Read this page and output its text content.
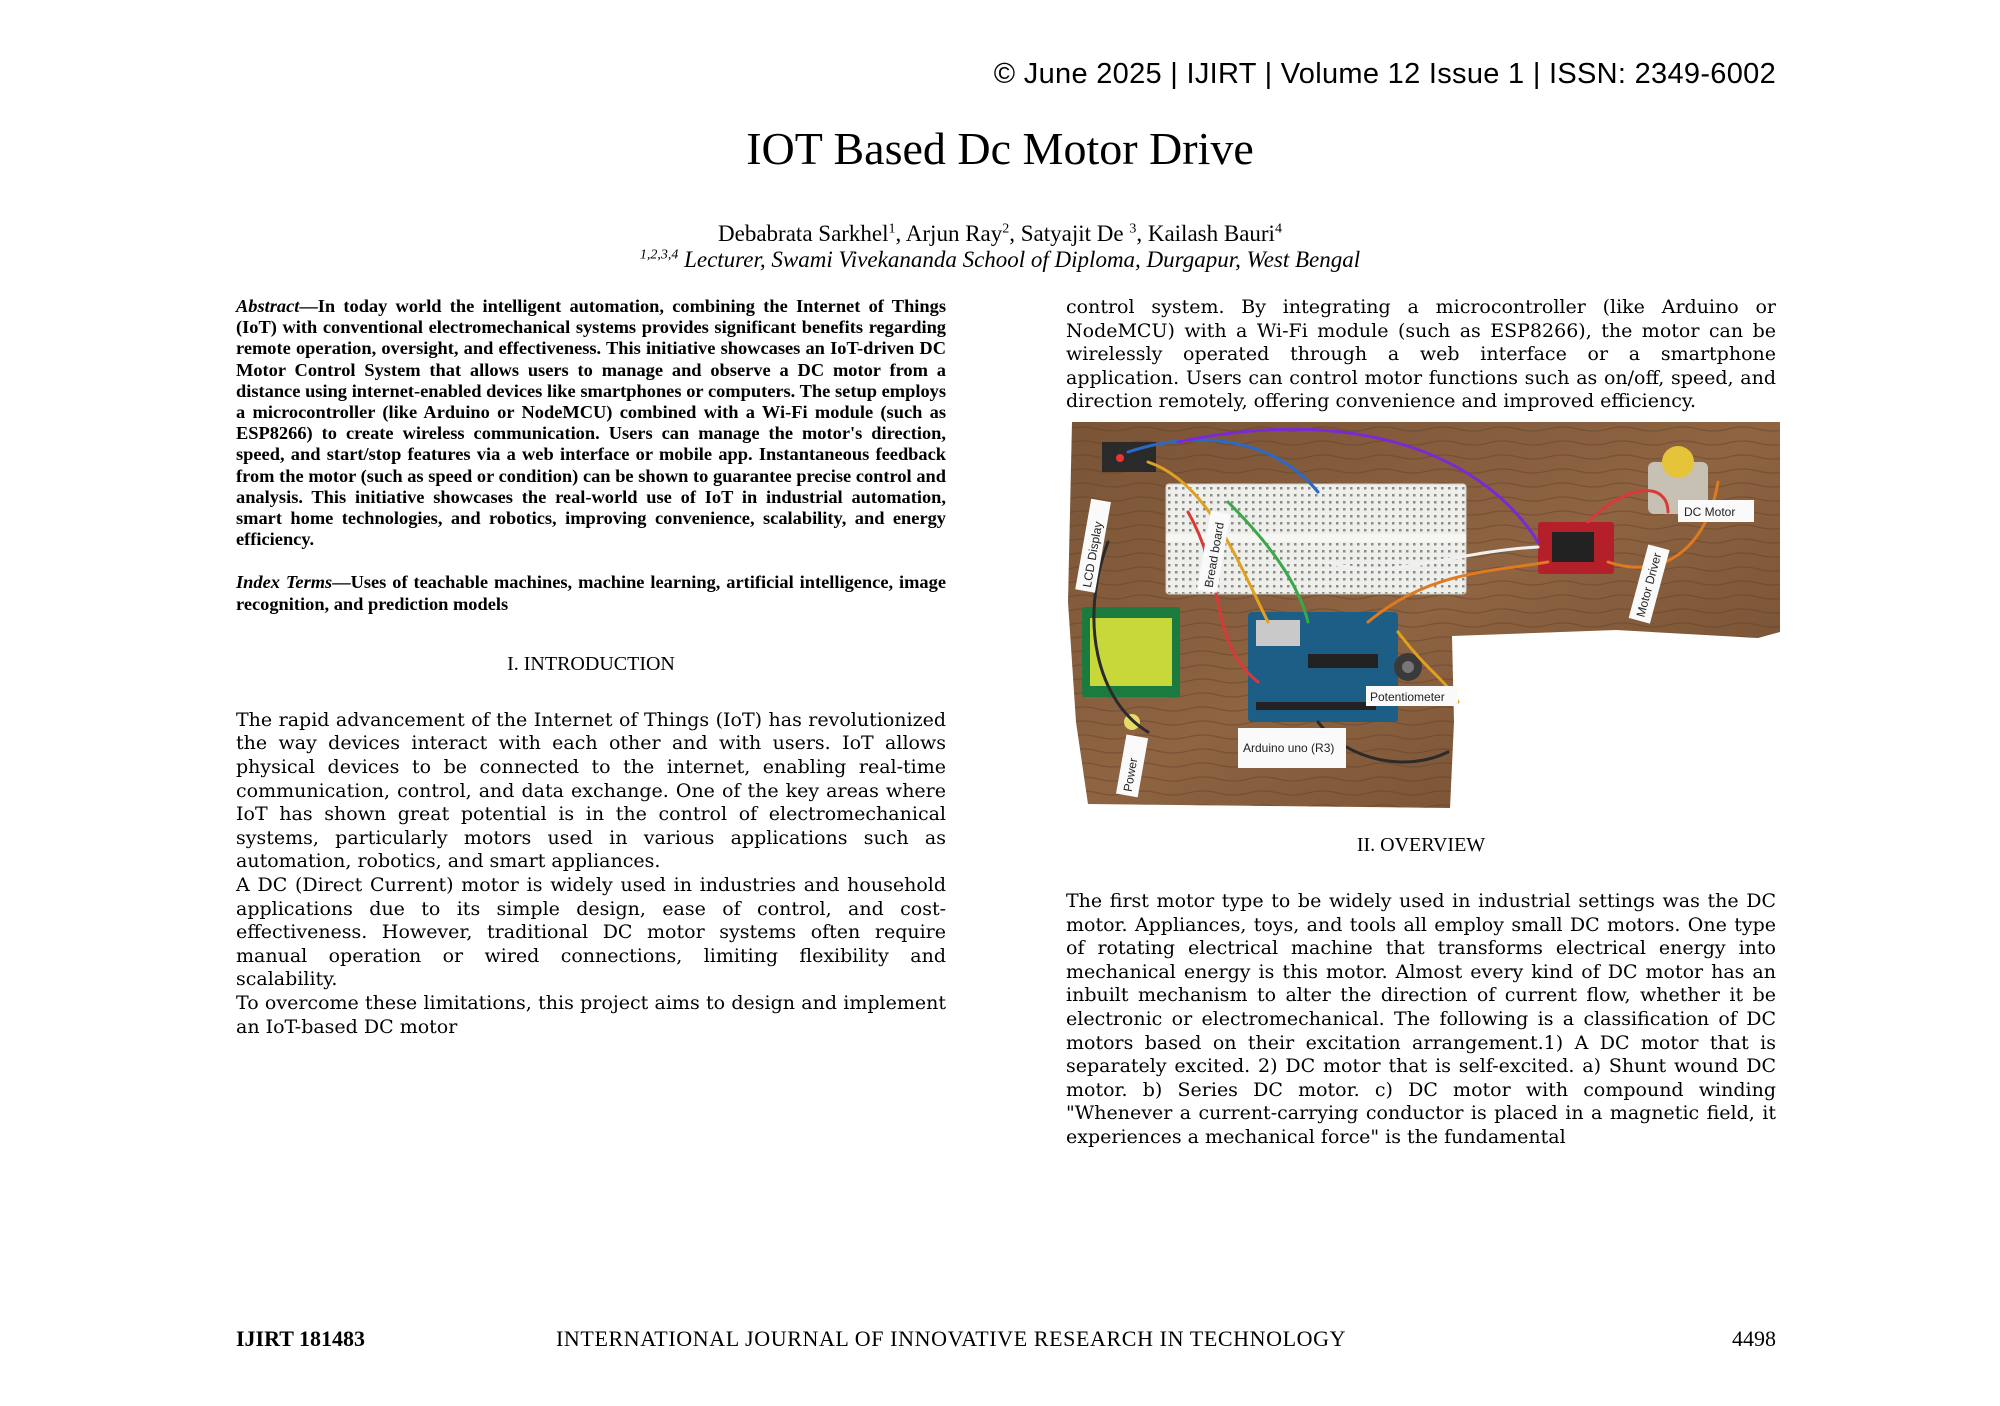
© June 2025 | IJIRT | Volume 12 Issue 1 | ISSN: 2349-6002
IOT Based Dc Motor Drive
Debabrata Sarkhel$^1$, Arjun Ray$^2$, Satyajit De $^3$, Kailash Bauri$^4$
$^{1,2,3,4}$ Lecturer, Swami Vivekananda School of Diploma, Durgapur, West Bengal

Abstract—In today world the intelligent automation, combining the Internet of Things (IoT) with conventional electromechanical systems provides significant benefits regarding remote operation, oversight, and effectiveness. This initiative showcases an IoT-driven DC Motor Control System that allows users to manage and observe a DC motor from a distance using internet-enabled devices like smartphones or computers. The setup employs a microcontroller (like Arduino or NodeMCU) combined with a Wi-Fi module (such as ESP8266) to create wireless communication. Users can manage the motor's direction, speed, and start/stop features via a web interface or mobile app. Instantaneous feedback from the motor (such as speed or condition) can be shown to guarantee precise control and analysis. This initiative showcases the real-world use of IoT in industrial automation, smart home technologies, and robotics, improving convenience, scalability, and energy efficiency.

Index Terms—Uses of teachable machines, machine learning, artificial intelligence, image recognition, and prediction models

I. INTRODUCTION

The rapid advancement of the Internet of Things (IoT) has revolutionized the way devices interact with each other and with users. IoT allows physical devices to be connected to the internet, enabling real-time communication, control, and data exchange. One of the key areas where IoT has shown great potential is in the control of electromechanical systems, particularly motors used in various applications such as automation, robotics, and smart appliances.

A DC (Direct Current) motor is widely used in industries and household applications due to its simple design, ease of control, and cost-effectiveness. However, traditional DC motor systems often require manual operation or wired connections, limiting flexibility and scalability.

To overcome these limitations, this project aims to design and implement an IoT-based DC motor

control system. By integrating a microcontroller (like Arduino or NodeMCU) with a Wi-Fi module (such as ESP8266), the motor can be wirelessly operated through a web interface or a smartphone application. Users can control motor functions such as on/off, speed, and direction remotely, offering convenience and improved efficiency.

LCD Display	Bread board
DC Motor
Motor Driver
Potentiometer
Arduino uno (R3)
Power

II. OVERVIEW

The first motor type to be widely used in industrial settings was the DC motor. Appliances, toys, and tools all employ small DC motors. One type of rotating electrical machine that transforms electrical energy into mechanical energy is this motor. Almost every kind of DC motor has an inbuilt mechanism to alter the direction of current flow, whether it be electronic or electromechanical. The following is a classification of DC motors based on their excitation arrangement.1) A DC motor that is separately excited. 2) DC motor that is self-excited. a) Shunt wound DC motor. b) Series DC motor. c) DC motor with compound winding "Whenever a current-carrying conductor is placed in a magnetic field, it experiences a mechanical force" is the fundamental

IJIRT 181483	INTERNATIONAL JOURNAL OF INNOVATIVE RESEARCH IN TECHNOLOGY	4498
